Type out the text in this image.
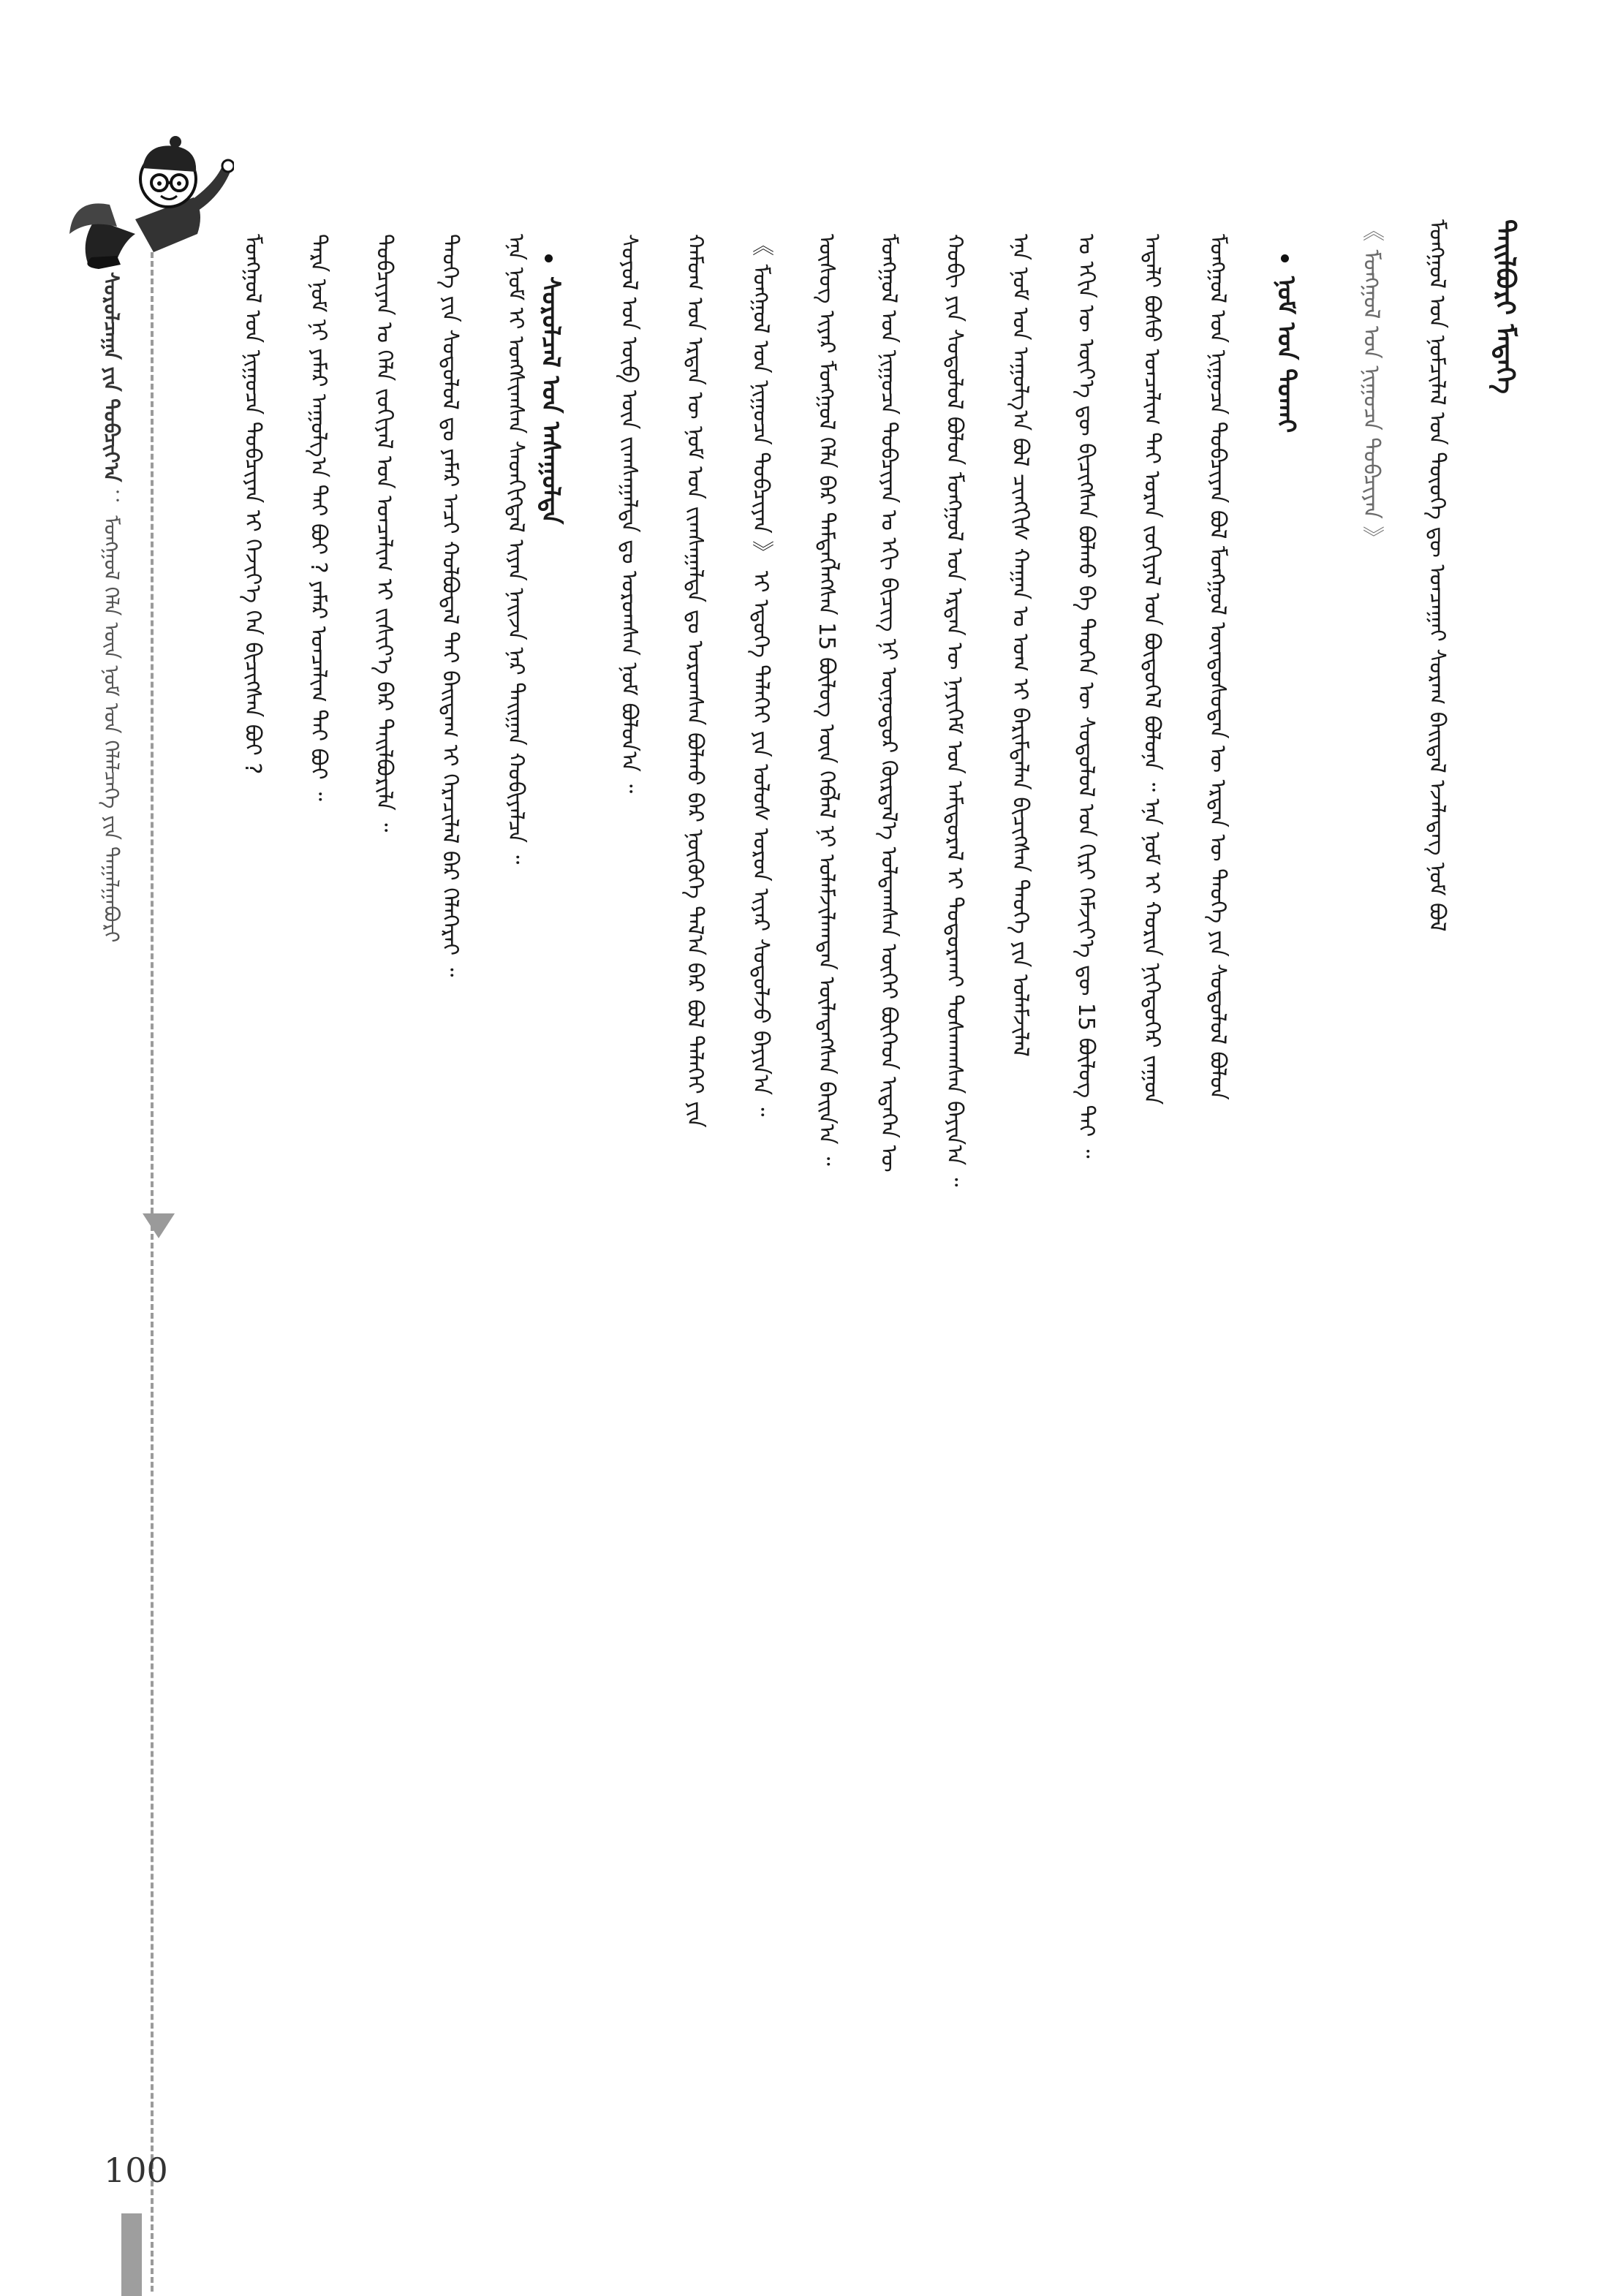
ᠰᠤᠷᠤᠯᠴᠠᠭᠠ ᠶᠢᠨ ᠲᠣᠪᠴᠢᠶ᠎ᠠ ： ᠮᠣᠩᠭᠣᠯ ᠬᠡᠯᠡ ᠦᠨ ᠨᠣᠮ ᠤᠨ ᠬᠡᠯᠡᠯᠴᠡᠭᠡ ᠶᠢᠨ ᠳᠠᠭᠠᠯᠭᠠᠪᠤᠷᠢ	ᠮᠣᠩᠭᠣᠯ ᠤᠨ ᠨᠢᠭᠤᠴᠠ ᠲᠣᠪᠴᠢᠶᠠᠨ ᠢ ᠬᠡᠵᠢᠶ᠎ᠡ ᠬᠡᠨ ᠪᠢᠴᠢᠭᠰᠡᠨ ᠪᠤᠢ ? ᠲᠡᠷᠡ ᠨᠣᠮ ᠨᠢ ᠶᠠᠮᠠᠷ ᠠᠭᠤᠯᠭ᠎ᠠ ᠲᠠᠢ ᠪᠤᠢ ? ᠶᠠᠮᠠᠷ ᠣᠨᠴᠠᠯᠢᠭ ᠲᠠᠢ ᠪᠤᠢ ᠃ ᠲᠣᠪᠴᠢᠶᠠᠨ ᠤ ᠬᠡᠯᠡ ᠵᠣᠬᠢᠶᠠᠯ ᠤᠨ ᠣᠨᠴᠠᠯᠢᠭ ᠢ ᠵᠢᠱᠢᠶ᠎ᠡ ᠪᠠᠷ ᠲᠠᠢᠯᠪᠤᠷᠢᠯᠠ ᠃ ᠲᠡᠦᠬᠡ ᠶᠢᠨ ᠰᠤᠳᠤᠯᠤᠯ ᠳᠤ ᠶᠠᠮᠠᠷ ᠠᠴᠢ ᠬᠣᠯᠪᠣᠳᠠᠯ ᠲᠠᠢ ᠪᠠᠢᠳᠠᠭ ᠢ ᠭᠡᠷᠡᠴᠢᠯᠡᠯ ᠪᠠᠷ ᠬᠡᠯᠡᠭᠡᠷᠡᠢ ᠃ ᠡᠨᠡ ᠨᠣᠮ ᠢ ᠤᠩᠰᠢᠭᠰᠠᠨ ᠰᠡᠳᠬᠢᠭᠳᠡᠯ ᠢᠶᠡᠨ ᠨᠠᠢᠵᠠ ᠨᠠᠷ ᠲᠠᠢᠭᠠᠨ ᠬᠤᠪᠢᠶᠠᠯᠴᠠ ᠃ ᠰᠤᠷᠤᠯᠴᠠᠯ ᠤᠨ ᠠᠰᠠᠭᠤᠯᠲᠠ ᠰᠣᠶᠣᠯ ᠤᠨ ᠥᠪ ᠦᠨ ᠵᠢᠭᠰᠠᠭᠠᠯᠲᠠ ᠳᠤ ᠣᠷᠣᠭᠰᠠᠨ ᠨᠣᠮ ᠪᠣᠯᠤᠨ᠎ᠠ ᠃ ᠬᠠᠮᠤᠭ ᠤᠨ ᠡᠷᠲᠡᠨ ᠦ ᠨᠣᠮ ᠤᠨ ᠵᠢᠭᠰᠠᠭᠠᠯᠲᠠ ᠳᠤ ᠣᠷᠣᠭᠰᠠᠨ ᠪᠣᠯᠬᠤ ᠪᠠᠷ ᠨᠥᠭᠦᠭᠡ ᠲᠠᠯ᠎ᠠ ᠪᠠᠷ ᠪᠣᠯ ᠳᠡᠯᠡᠬᠡᠢ ᠶᠢᠨ 《 ᠮᠣᠩᠭᠣᠯ ᠤᠨ ᠨᠢᠭᠤᠴᠠ ᠲᠣᠪᠴᠢᠶᠠᠨ 》 ᠢ ᠡᠳᠦᠭᠡ ᠳᠡᠯᠡᠬᠡᠢ ᠶᠢᠨ ᠤᠯᠤᠰ ᠣᠷᠣᠨ ᠢᠶᠠᠷ ᠰᠤᠳᠤᠯᠵᠤ ᠪᠠᠶᠢᠨ᠎ᠠ ᠃ ᠦᠰᠦᠭ ᠢᠶᠡᠷ ᠮᠣᠩᠭᠣᠯ ᠬᠡᠯᠡ ᠪᠡᠷ ᠲᠡᠮᠳᠡᠭᠯᠡᠭᠰᠡᠨ 15 ᠪᠦᠯᠦᠭ ᠦᠨ ᠬᠡᠪᠯᠡᠯ ᠨᠢ ᠤᠯᠠᠮᠵᠢᠯᠠᠭᠳᠠᠨ ᠦᠯᠡᠳᠡᠭᠰᠡᠨ ᠪᠠᠢᠨ᠎ᠠ ᠃ ᠮᠣᠩᠭᠣᠯ ᠤᠨ ᠨᠢᠭᠤᠴᠠ ᠲᠣᠪᠴᠢᠶᠠᠨ ᠤ ᠡᠬᠢ ᠪᠢᠴᠢᠭ ᠨᠢ ᠥᠨᠥᠳᠦᠷ ᠬᠦᠷᠲᠡᠯ᠎ᠡ ᠣᠯᠳᠠᠭᠰᠠᠨ ᠦᠭᠡᠢ ᠪᠥᠭᠡᠳ ᠢᠳᠡᠭᠡᠨ ᠦ ᠬᠤᠪᠢ ᠶᠢᠨ ᠰᠤᠳᠤᠯᠤᠯ ᠪᠣᠯᠤᠨ ᠮᠣᠩᠭᠣᠯ ᠤᠨ ᠡᠷᠲᠡᠨ ᠦ ᠨᠡᠶᠢᠭᠡᠮ ᠤᠨ ᠠᠮᠢᠳᠤᠷᠠᠯ ᠢ ᠲᠣᠳᠣᠷᠬᠠᠢ ᠲᠤᠰᠬᠠᠭᠰᠠᠨ ᠪᠠᠶᠢᠨ᠎ᠠ ᠃ ᠡᠨᠡ ᠨᠣᠮ ᠤᠨ ᠠᠭᠤᠯᠭ᠎ᠠ ᠪᠣᠯ ᠴᠢᠩᠭᠢᠰ ᠬᠠᠭᠠᠨ ᠤ ᠤᠭ ᠢ ᠪᠠᠷᠢᠮᠲᠠᠯᠠᠨ ᠪᠢᠴᠢᠭᠰᠡᠨ ᠲᠡᠦᠬᠡ ᠶᠢᠨ ᠤᠯᠠᠮᠵᠢᠯᠠᠯ ᠤ ᠡᠬᠢᠨ ᠦ ᠦᠶ᠎ᠡ ᠳᠦ ᠪᠢᠴᠢᠭᠰᠡᠨ ᠪᠣᠯᠬᠤ ᠪᠠ ᠲᠡᠦᠬᠡᠨ ᠦ ᠰᠤᠳᠤᠯᠤᠯ ᠤᠨ ᠬᠢᠷᠢ ᠬᠡᠮᠵᠢᠶ᠎ᠡ ᠳᠦ 15 ᠪᠦᠯᠦᠭ ᠲᠡᠢ ᠃ ᠠᠳᠠᠯᠢ ᠪᠤᠰᠤ ᠣᠨᠴᠠᠯᠢᠭ ᠲᠠᠢ ᠤᠷᠠᠨ ᠵᠣᠬᠢᠶᠠᠯ ᠤᠨ ᠪᠦᠲᠦᠭᠡᠯ ᠪᠣᠯᠤᠨᠠ ᠃ ᠡᠨᠡ ᠨᠣᠮ ᠢ ᠬᠣᠷᠢᠨ ᠨᠢᠭᠡᠳᠦᠭᠡᠷ ᠵᠠᠭᠤᠨ ᠮᠣᠩᠭᠣᠯ ᠤᠨ ᠨᠢᠭᠤᠴᠠ ᠲᠣᠪᠴᠢᠶᠠᠨ ᠪᠣᠯ ᠮᠣᠩᠭᠣᠯ ᠦᠨᠳᠦᠰᠦᠲᠡᠨ ᠦ ᠡᠷᠲᠡᠨ ᠦ ᠲᠡᠦᠬᠡ ᠶᠢᠨ ᠰᠤᠳᠤᠯᠤᠯ ᠪᠣᠯᠤᠨ ᠨᠣᠮ ᠤᠨ ᠲᠤᠬᠠᠢ	《 ᠮᠣᠩᠭᠣᠯ ᠤᠨ ᠨᠢᠭᠤᠴᠠ ᠲᠣᠪᠴᠢᠶᠠᠨ 》 ᠮᠣᠩᠭᠣᠯ ᠤᠨ ᠨᠣᠮᠴᠢᠯᠠᠯ ᠤᠨ ᠲᠦᠦᠬᠡ ᠳᠦ ᠣᠨᠴᠠᠭᠠᠢ ᠰᠤᠷᠠᠭ ᠪᠠᠢᠳᠠᠯ ᠡᠵᠡᠯᠡᠳᠡᠭ ᠨᠣᠮ ᠪᠣᠯ ᠲᠠᠢᠯᠪᠤᠷᠢ ᠮᠡᠳᠡᠭᠡ
100
